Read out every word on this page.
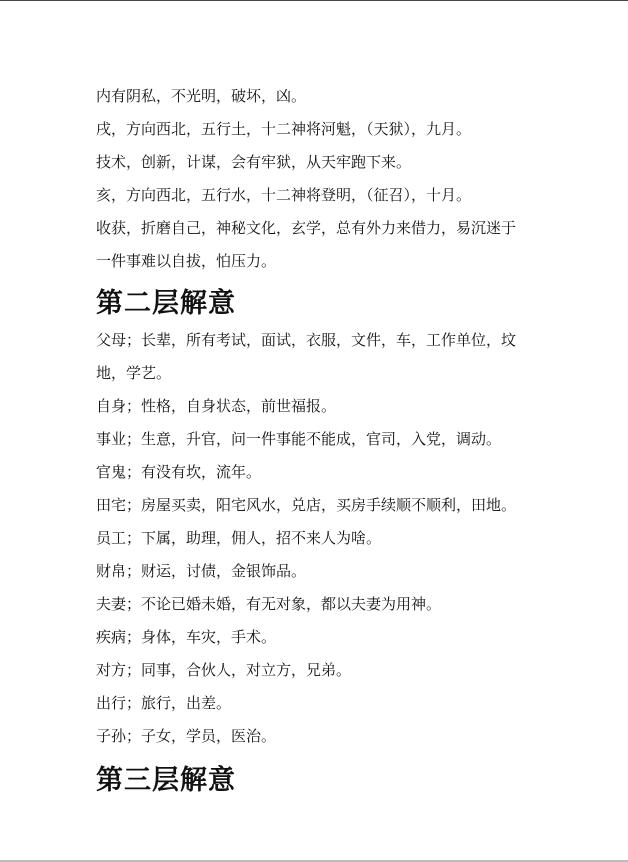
内有阴私，不光明，破坏，凶。

戌，方向西北，五行土，十二神将河魁，（天狱），九月。

技术，创新，计谋，会有牢狱，从天牢跑下来。

亥，方向西北，五行水，十二神将登明，（征召），十月。

收获，折磨自己，神秘文化，玄学，总有外力来借力，易沉迷于

一件事难以自拔，怕压力。

第二层解意

父母；长辈，所有考试，面试，衣服，文件，车，工作单位，坟

地，学艺。

自身；性格，自身状态，前世福报。

事业；生意，升官，问一件事能不能成，官司，入党，调动。

官鬼；有没有坎，流年。

田宅；房屋买卖，阳宅风水，兑店，买房手续顺不顺利，田地。

员工；下属，助理，佣人，招不来人为啥。

财帛；财运，讨债，金银饰品。

夫妻；不论已婚未婚，有无对象，都以夫妻为用神。

疾病；身体，车灾，手术。

对方；同事，合伙人，对立方，兄弟。

出行；旅行，出差。

子孙；子女，学员，医治。

第三层解意
